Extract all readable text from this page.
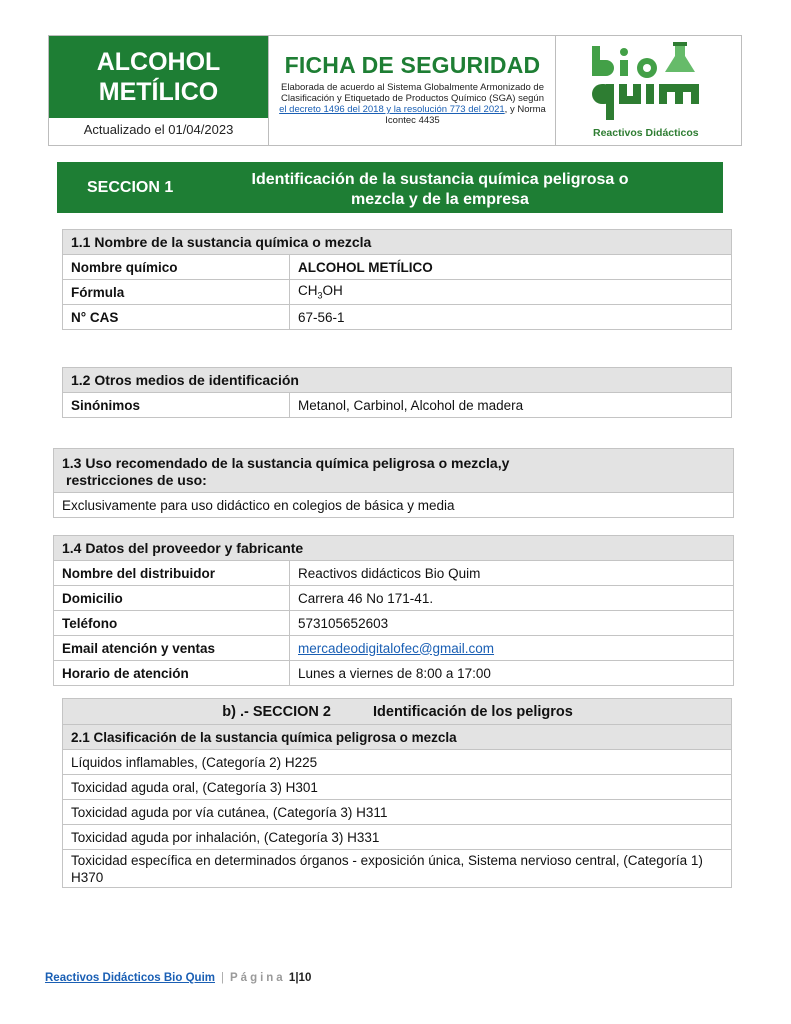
ALCOHOL
METÍLICO
Actualizado el 01/04/2023
FICHA DE SEGURIDAD
Elaborada de acuerdo al Sistema Globalmente Armonizado de Clasificación y Etiquetado de Productos Químico (SGA) según el decreto 1496 del 2018 y la resolución 773 del 2021, y Norma Icontec 4435
Reactivos Didácticos
SECCION 1	Identificación de la sustancia química peligrosa o mezcla y de la empresa
1.1 Nombre de la sustancia química o mezcla	
Nombre químico	ALCOHOL METÍLICO
Fórmula	$CH_3OH$
N° CAS	67-56-1
1.2 Otros medios de identificación
Sinónimos	Metanol, Carbinol, Alcohol de madera
1.3 Uso recomendado de la sustancia química peligrosa o mezcla,y
restricciones de uso:

Exclusivamente para uso didáctico en colegios de básica y media
1.4 Datos del proveedor y fabricante	
Nombre del distribuidor	Reactivos didácticos Bio Quim
Domicilio	Carrera 46 No 171-41.
Teléfono	573105652603
Email atención y ventas	mercadeodigitalofec@gmail.com
Horario de atención	Lunes a viernes de 8:00 a 17:00
b) .- SECCION 2	Identificación de los peligros
2.1 Clasificación de la sustancia química peligrosa o mezcla
Líquidos inflamables, (Categoría 2) H225
Toxicidad aguda oral, (Categoría 3) H301
Toxicidad aguda por vía cutánea, (Categoría 3) H311
Toxicidad aguda por inhalación, (Categoría 3) H331
Toxicidad específica en determinados órganos - exposición única, Sistema nervioso central, (Categoría 1) H370
Reactivos Didácticos Bio Quim | Página 1|10
